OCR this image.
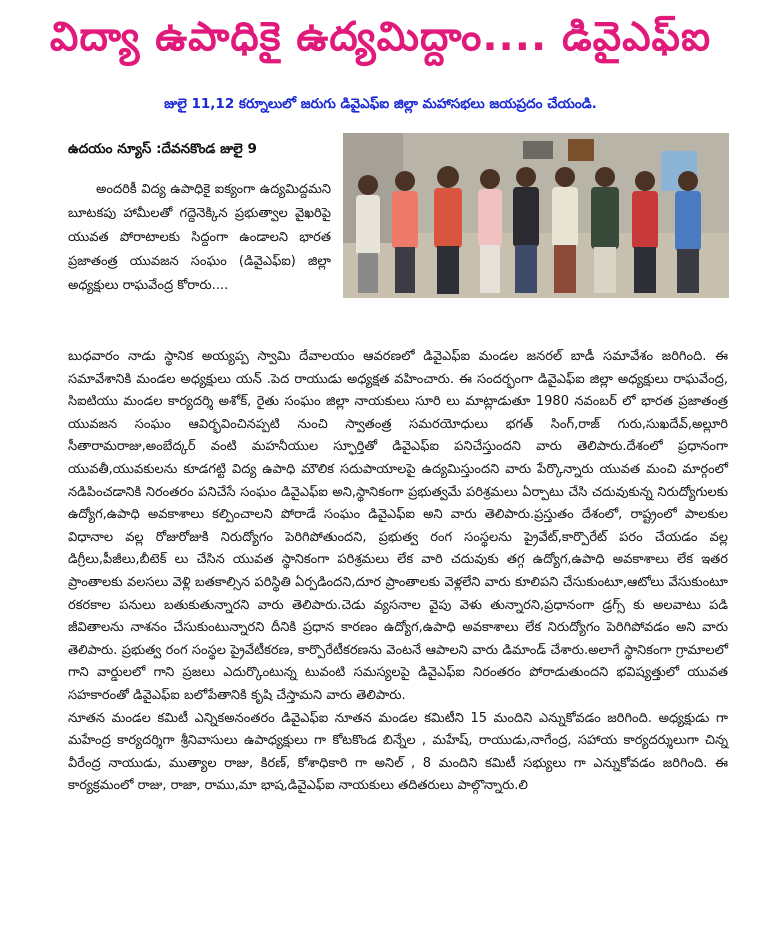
విద్యా ఉపాధికై ఉద్యమిద్దాం.... డివైఎఫ్ఐ
జులై 11,12 కర్నూలులో జరుగు డివైఎఫ్ఐ జిల్లా మహాసభలు జయప్రదం చేయండి.
ఉదయం న్యూస్ :దేవనకొండ జులై 9

అందరికీ విద్య ఉపాధికై ఐక్యంగా ఉద్యమిద్దమని బూటకపు హామీలతో గద్దెనెక్కిన ప్రభుత్వాల వైఖరిపై యువత పోరాటాలకు సిద్దంగా ఉండాలని భారత ప్రజాతంత్ర యువజన సంఘం (డివైఎఫ్ఐ) జిల్లా అధ్యక్షులు రాఘవేంద్ర కోరారు....

బుధవారం నాడు స్థానిక అయ్యప్ప స్వామి దేవాలయం ఆవరణలో డివైఎఫ్ఐ మండల జనరల్ బాడీ సమావేశం జరిగింది. ఈ సమావేశానికి మండల అధ్యక్షులు యన్ .పెద రాయుడు అధ్యక్షత వహించారు. ఈ సందర్భంగా డివైఎఫ్ఐ జిల్లా అధ్యక్షులు రాఘవేంద్ర, సిఐటియు మండల కార్యదర్శి అశోక్, రైతు సంఘం జిల్లా నాయకులు సూరి లు మాట్లాడుతూ 1980 నవంబర్ లో భారత ప్రజాతంత్ర యువజన సంఘం ఆవిర్భవించినప్పటి నుంచి స్వాతంత్ర సమరయోధులు భగత్ సింగ్,రాజ్ గురు,సుఖదేవ్,అల్లూరి సీతారామరాజు,అంబేద్కర్ వంటి మహనీయుల స్ఫూర్తితో డివైఎఫ్ఐ పనిచేస్తుందని వారు తెలిపారు.దేశంలో ప్రధానంగా యువతీ,యువకులను కూడగట్టి విద్య ఉపాధి మౌలిక సదుపాయాలపై ఉద్యమిస్తుందని వారు పేర్కొన్నారు యువత మంచి మార్గంలో నడిపించడానికి నిరంతరం పనిచేసే సంఘం డివైఎఫ్ఐ అని,స్థానికంగా ప్రభుత్వమే పరిశ్రమలు ఏర్పాటు చేసి చదువుకున్న నిరుద్యోగులకు ఉద్యోగ,ఉపాధి అవకాశాలు కల్పించాలని పోరాడే సంఘం డివైఎఫ్ఐ అని వారు తెలిపారు.ప్రస్తుతం దేశంలో, రాష్ట్రంలో పాలకుల విధానాల వల్ల రోజురోజుకి నిరుద్యోగం పెరిగిపోతుందని, ప్రభుత్వ రంగ సంస్థలను ప్రైవేట్,కార్పొరేట్ పరం చేయడం వల్ల డిగ్రీలు,పీజీలు,బీటెక్ లు చేసిన యువత స్థానికంగా పరిశ్రమలు లేక వారి చదువుకు తగ్గ ఉద్యోగ,ఉపాధి అవకాశాలు లేక ఇతర ప్రాంతాలకు వలసలు వెళ్లి బతకాల్సిన పరిస్థితి ఏర్పడిందని,దూర ప్రాంతాలకు వెళ్లలేని వారు కూలిపని చేసుకుంటూ,ఆటోలు వేసుకుంటూ రకరకాల పనులు బతుకుతున్నారని వారు తెలిపారు.చెడు వ్యసనాల వైపు వెళు తున్నారని,ప్రధానంగా డ్రగ్స్ కు అలవాటు పడి జీవితాలను నాశనం చేసుకుంటున్నారని దీనికి ప్రధాన కారణం ఉద్యోగ,ఉపాధి అవకాశాలు లేక నిరుద్యోగం పెరిగిపోవడం అని వారు తెలిపారు. ప్రభుత్వ రంగ సంస్థల ప్రైవేటీకరణ, కార్పొరేటీకరణను వెంటనే ఆపాలని వారు డిమాండ్ చేశారు.అలాగే స్థానికంగా గ్రామాలలో గాని వార్డులలో గాని ప్రజలు ఎదుర్కొంటున్న టువంటి సమస్యలపై డివైఎఫ్ఐ నిరంతరం పోరాడుతుందని భవిష్యత్తులో యువత సహకారంతో డివైఎఫ్ఐ బలోపేతానికి కృషి చేస్తామని వారు తెలిపారు.

నూతన మండల కమిటీ ఎన్నికఅనంతరం డివైఎఫ్ఐ నూతన మండల కమిటీని 15 మందిని ఎన్నుకోవడం జరిగింది. అధ్యక్షుడు గా మహేంద్ర కార్యదర్శిగా శ్రీనివాసులు ఉపాధ్యక్షులు గా కోటకొండ బిన్నేల , మహేష్, రాయుడు,నాగేంద్ర, సహాయ కార్యదర్శులుగా చిన్న వీరేంద్ర నాయుడు, ముత్యాల రాజు, కిరణ్, కోశాధికారి గా అనిల్ , 8 మందిని కమిటీ సభ్యులు గా ఎన్నుకోవడం జరిగింది. ఈ కార్యక్రమంలో రాజు, రాజా, రాము,మా భాష,డివైఎఫ్ఐ నాయకులు తదితరులు పాల్గొన్నారు.లి
